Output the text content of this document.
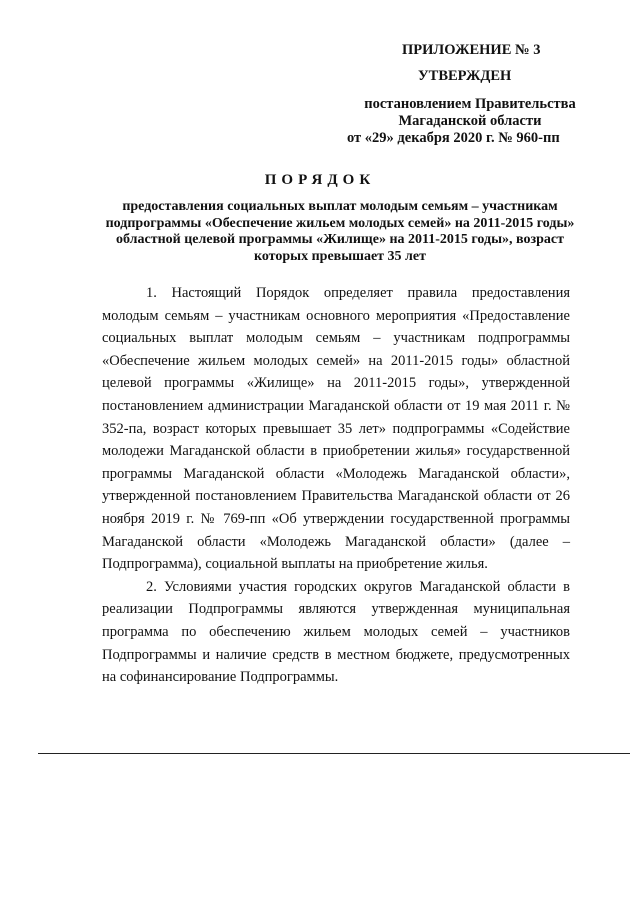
ПРИЛОЖЕНИЕ № 3
УТВЕРЖДЕН
постановлением Правительства
Магаданской области
от «29» декабря 2020 г. № 960-пп
ПОРЯДОК
предоставления социальных выплат молодым семьям – участникам подпрограммы «Обеспечение жильем молодых семей» на 2011-2015 годы» областной целевой программы «Жилище» на 2011-2015 годы», возраст которых превышает 35 лет

1. Настоящий Порядок определяет правила предоставления молодым семьям – участникам основного мероприятия «Предоставление социальных выплат молодым семьям – участникам подпрограммы «Обеспечение жильем молодых семей» на 2011-2015 годы» областной целевой программы «Жилище» на 2011-2015 годы», утвержденной постановлением администрации Магаданской области от 19 мая 2011 г. № 352-па, возраст которых превышает 35 лет» подпрограммы «Содействие молодежи Магаданской области в приобретении жилья» государственной программы Магаданской области «Молодежь Магаданской области», утвержденной постановлением Правительства Магаданской области от 26 ноября 2019 г. № 769-пп «Об утверждении государственной программы Магаданской области «Молодежь Магаданской области» (далее – Подпрограмма), социальной выплаты на приобретение жилья.

2. Условиями участия городских округов Магаданской области в реализации Подпрограммы являются утвержденная муниципальная программа по обеспечению жильем молодых семей – участников Подпрограммы и наличие средств в местном бюджете, предусмотренных на софинансирование Подпрограммы.
